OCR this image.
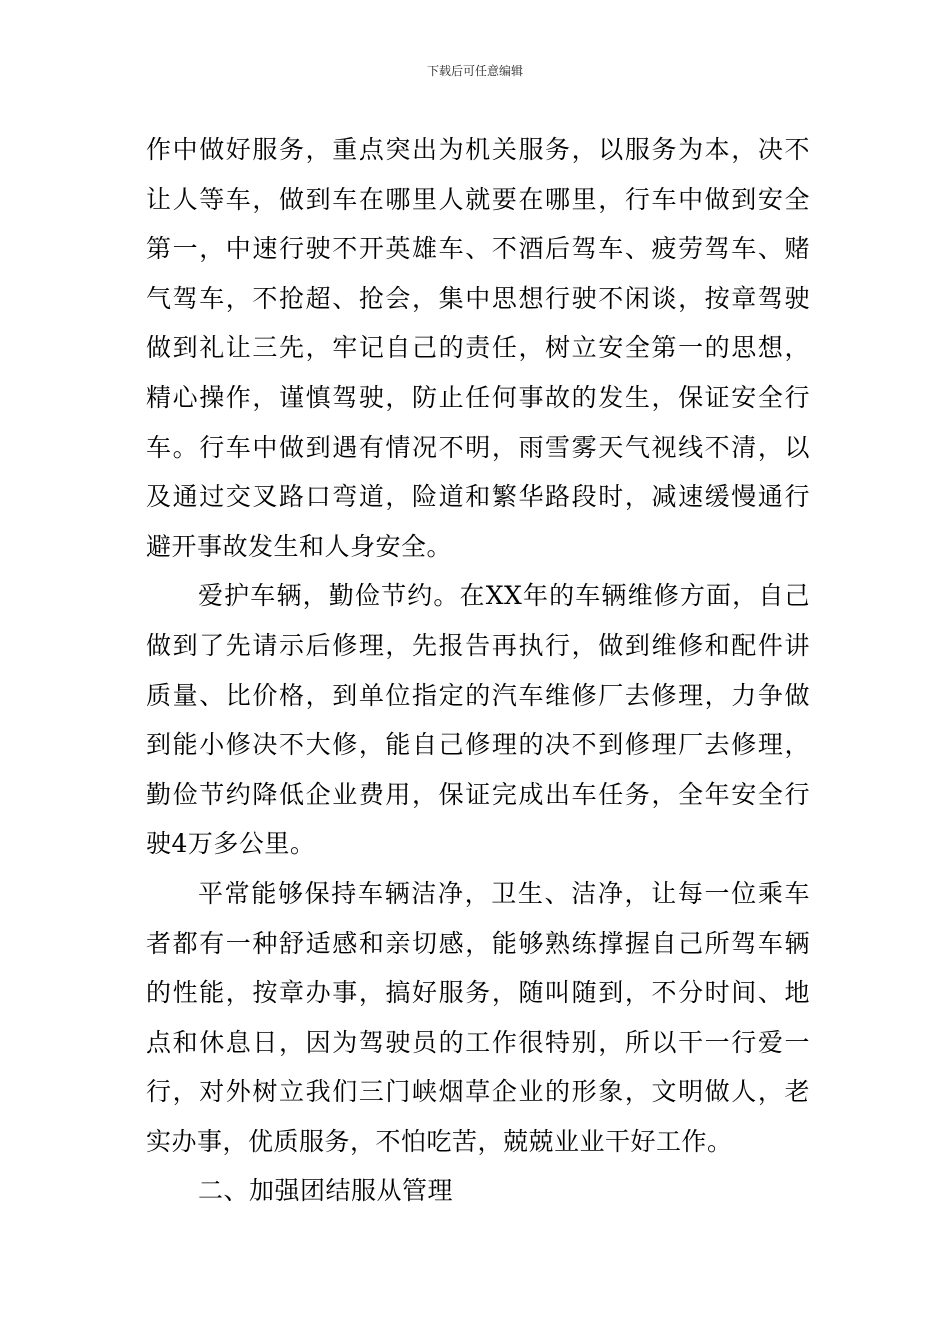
下载后可任意编辑
作中做好服务，重点突出为机关服务，以服务为本，决不
让人等车，做到车在哪里人就要在哪里，行车中做到安全
第一，中速行驶不开英雄车、不酒后驾车、疲劳驾车、赌
气驾车，不抢超、抢会，集中思想行驶不闲谈，按章驾驶
做到礼让三先，牢记自己的责任，树立安全第一的思想，
精心操作，谨慎驾驶，防止任何事故的发生，保证安全行
车。行车中做到遇有情况不明，雨雪雾天气视线不清，以
及通过交叉路口弯道，险道和繁华路段时，减速缓慢通行
避开事故发生和人身安全。
爱护车辆，勤俭节约。在XX年的车辆维修方面，自己
做到了先请示后修理，先报告再执行，做到维修和配件讲
质量、比价格，到单位指定的汽车维修厂去修理，力争做
到能小修决不大修，能自己修理的决不到修理厂去修理，
勤俭节约降低企业费用，保证完成出车任务，全年安全行
驶4万多公里。
平常能够保持车辆洁净，卫生、洁净，让每一位乘车
者都有一种舒适感和亲切感，能够熟练撑握自己所驾车辆
的性能，按章办事，搞好服务，随叫随到，不分时间、地
点和休息日，因为驾驶员的工作很特别，所以干一行爱一
行，对外树立我们三门峡烟草企业的形象，文明做人，老
实办事，优质服务，不怕吃苦，兢兢业业干好工作。
二、加强团结服从管理
